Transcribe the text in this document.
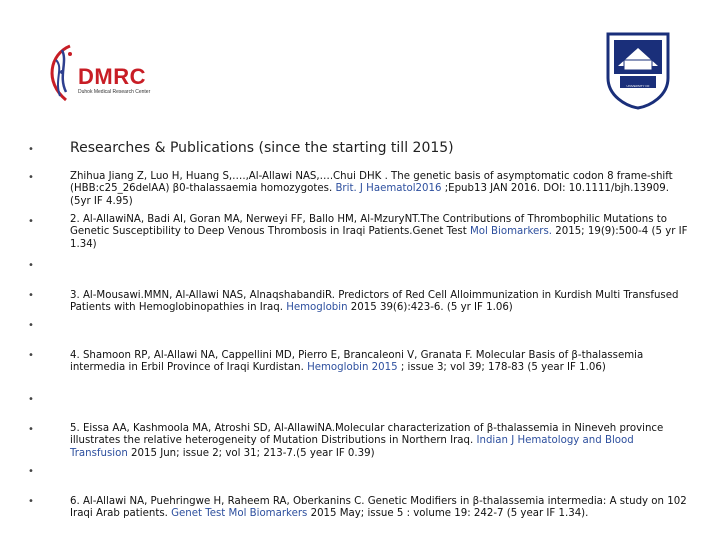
DMRC
Duhok Medical Research Center
UNIVERSITY OF DUHOK
•
•
•
•
•
•
•
•
•
•
•
Researches & Publications (since the starting till 2015)
Zhihua Jiang Z, Luo H, Huang S,….,Al-Allawi NAS,….Chui DHK . The genetic basis of asymptomatic codon 8 frame-shift (HBB:c25_26delAA) β0-thalassaemia homozygotes. Brit. J Haematol2016 ;Epub13 JAN 2016. DOI: 10.1111/bjh.13909. (5yr IF 4.95)
2. Al-AllawiNA, Badi AI, Goran MA, Nerweyi FF, Ballo HM, Al-MzuryNT.The Contributions of Thrombophilic Mutations to Genetic Susceptibility to Deep Venous Thrombosis in Iraqi Patients.Genet Test Mol Biomarkers. 2015; 19(9):500-4 (5 yr IF 1.34)
3. Al-Mousawi.MMN, Al-Allawi NAS, AlnaqshabandiR. Predictors of Red Cell Alloimmunization in Kurdish Multi Transfused Patients with Hemoglobinopathies in Iraq. Hemoglobin 2015 39(6):423-6. (5 yr IF 1.06)
4. Shamoon RP, Al-Allawi NA, Cappellini MD, Pierro E, Brancaleoni V, Granata F. Molecular Basis of β-thalassemia intermedia in Erbil Province of Iraqi Kurdistan. Hemoglobin 2015 ; issue 3; vol 39; 178-83 (5 year IF 1.06)
5. Eissa AA, Kashmoola MA, Atroshi SD, Al-AllawiNA.Molecular characterization of β-thalassemia in Nineveh province illustrates the relative heterogeneity of Mutation Distributions in Northern Iraq. Indian J Hematology and Blood Transfusion 2015 Jun; issue 2; vol 31; 213-7.(5 year IF 0.39)
6. Al-Allawi NA, Puehringwe H, Raheem RA, Oberkanins C. Genetic Modifiers in β-thalassemia intermedia: A study on 102 Iraqi Arab patients. Genet Test Mol Biomarkers 2015 May; issue 5 : volume 19: 242-7 (5 year IF 1.34).
